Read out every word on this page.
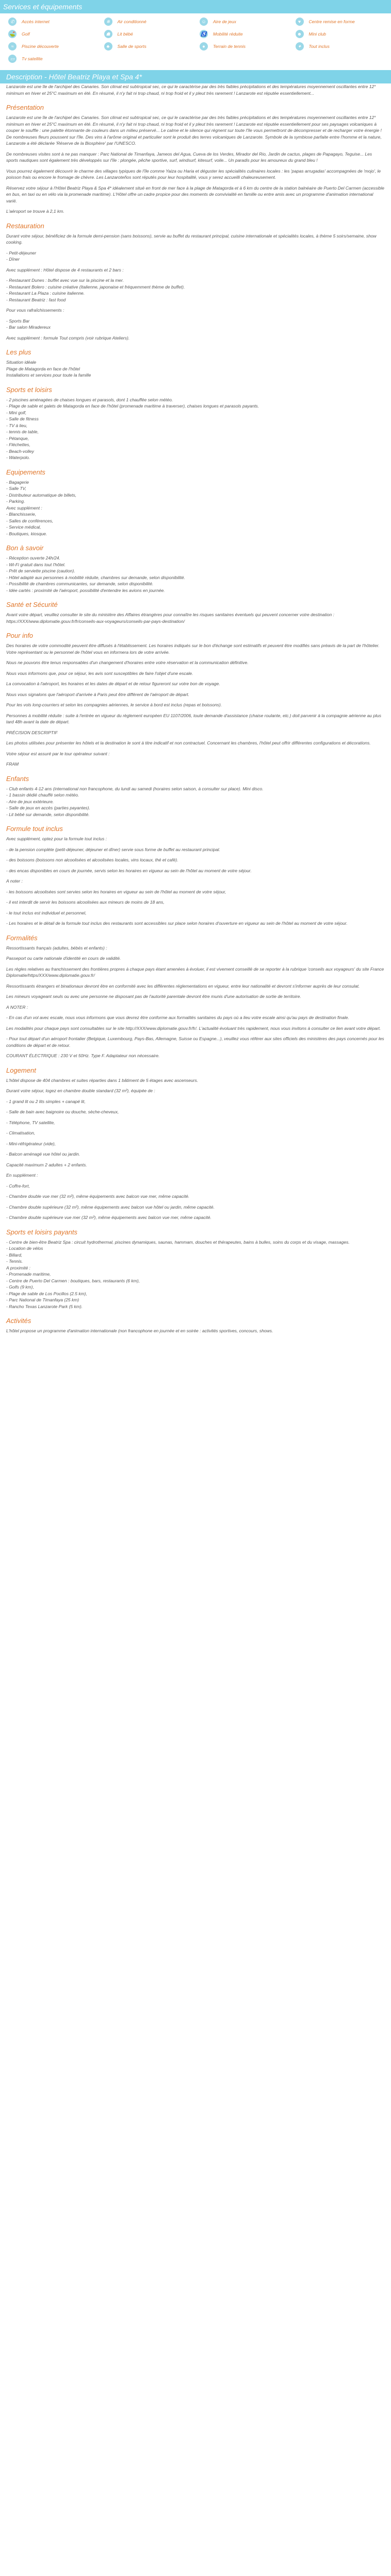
Services et équipements
✆	Accès internet	❄	Air conditionné	☺	Aire de jeux	♥	Centre remise en forme
⛳ Golf	☗	Lit bébé	♿ Mobilité réduite	☻	Mini club
≈	Piscine découverte	♣	Salle de sports	●	Terrain de tennis	✦	Tout inclus
▭	Tv satellite
Description - Hôtel Beatriz Playa et Spa 4*

Lanzarote est une île de l'archipel des Canaries. Son climat est subtropical sec, ce qui le caractérise par des très faibles précipitations et des températures moyennement oscillantes entre 12° minimum en hiver et 25°C maximum en été. En résumé, il n'y fait ni trop chaud, ni trop froid et il y pleut très rarement ! Lanzarote est réputée essentiellement...

Présentation

Lanzarote est une île de l'archipel des Canaries. Son climat est subtropical sec, ce qui le caractérise par des très faibles précipitations et des températures moyennement oscillantes entre 12° minimum en hiver et 25°C maximum en été. En résumé, il n'y fait ni trop chaud, ni trop froid et il y pleut très rarement ! Lanzarote est réputée essentiellement pour ses paysages volcaniques à couper le souffle : une palette étonnante de couleurs dans un milieu préservé... Le calme et le silence qui règnent sur toute l'île vous permettront de décompresser et de recharger votre énergie ! De nombreuses fleurs poussent sur l'île. Des vins à l'arôme original et particulier sont le produit des terres volcaniques de Lanzarote. Symbole de la symbiose parfaite entre l'homme et la nature, Lanzarote a été déclarée 'Réserve de la Biosphère' par l'UNESCO.

De nombreuses visites sont à ne pas manquer : Parc National de Timanfaya, Jameos del Agua, Cueva de los Verdes, Mirador del Rio, Jardin de cactus, plages de Papagayo, Teguise... Les sports nautiques sont également très développés sur l'île : plongée, pêche sportive, surf, windsurf, kitesurf, voile... Un paradis pour les amoureux du grand bleu !

Vous pourrez également découvrir le charme des villages typiques de l'île comme Yaiza ou Haria et déguster les spécialités culinaires locales : les 'papas arrugadas' accompagnées de 'mojo', le poisson frais ou encore le fromage de chèvre. Les Lanzaroteños sont réputés pour leur hospitalité, vous y serez accueilli chaleureusement.

Réservez votre séjour à l'Hôtel Beatriz Playa & Spa 4* idéalement situé en front de mer face à la plage de Matagorda et à 6 km du centre de la station balnéaire de Puerto Del Carmen (accessible en bus, en taxi ou en vélo via la promenade maritime). L'Hôtel offre un cadre propice pour des moments de convivialité en famille ou entre amis avec un programme d'animation international varié.

L'aéroport se trouve à 2,1 km.

Restauration

Durant votre séjour, bénéficiez de la formule demi-pension (sans boissons), servie au buffet du restaurant principal, cuisine internationale et spécialités locales, à thème 5 soirs/semaine, show cooking.

- Petit-déjeuner
- Dîner

Avec supplément : Hôtel dispose de 4 restaurants et 2 bars :

- Restaurant Dunes : buffet avec vue sur la piscine et la mer.
- Restaurant Bolero : cuisine créative (Italienne, japonaise et fréquemment thème de buffet).
- Restaurant La Plaza : cuisine italienne.
- Restaurant Beatriz : fast food

Pour vous rafraîchissements :

- Sports Bar
- Bar salon Miradereux

Avec supplément : formule Tout compris (voir rubrique Ateliers).

Les plus
Situation idéale
Plage de Matagorda en face de l'hôtel
Installations et services pour toute la famille
Sports et loisirs
- 2 piscines aménagées de chaises longues et parasols, dont 1 chauffée selon météo.
- Plage de sable et galets de Matagorda en face de l'hôtel (promenade maritime à traverser), chaises longues et parasols payants.
- Mini golf,
- Salle de fitness
- TV à lieu,
- tennis de table,
- Pétanque,
- Fléchettes,
- Beach-volley
- Waterpolo.
Equipements
- Bagagerie
- Salle TV,
- Distributeur automatique de billets,
- Parking.
Avec supplément :
- Blanchisserie,
- Salles de conférences,
- Service médical,
- Boutiques, kiosque.
Bon à savoir
- Réception ouverte 24h/24.
- Wi-Fi gratuit dans tout l'hôtel.
- Prêt de serviette piscine (caution).
- Hôtel adapté aux personnes à mobilité réduite, chambres sur demande, selon disponibilité.
- Possibilité de chambres communicantes, sur demande, selon disponibilité.
- Idée cartés : proximité de l'aéroport, possibilité d'entendre les avions en journée.
Santé et Sécurité

Avant votre départ, veuillez consulter le site du ministère des Affaires étrangères pour connaître les risques sanitaires éventuels qui peuvent concerner votre destination : https://XXX/www.diplomatie.gouv.fr/fr/conseils-aux-voyageurs/conseils-par-pays-destination/

Pour info

Des horaires de votre commodité peuvent être diffusés à l'établissement. Les horaires indiqués sur le bon d'échange sont estimatifs et peuvent être modifiés sans préavis de la part de l'hôtelier. Votre représentant ou le personnel de l'hôtel vous en informera lors de votre arrivée.

Nous ne pouvons être tenus responsables d'un changement d'horaires entre votre réservation et la communication définitive.

Nous vous informons que, pour ce séjour, les avis sont susceptibles de faire l'objet d'une escale.

La convocation à l'aéroport, les horaires et les dates de départ et de retour figureront sur votre bon de voyage.

Nous vous signalons que l'aéroport d'arrivée à Paris peut être différent de l'aéroport de départ.

Pour les vols long-courriers et selon les compagnies aériennes, le service à bord est inclus (repas et boissons).

Personnes à mobilité réduite : suite à l'entrée en vigueur du règlement européen EU 1107/2006, toute demande d'assistance (chaise roulante, etc.) doit parvenir à la compagnie aérienne au plus tard 48h avant la date de départ.

PRÉCISION DESCRIPTIF

Les photos utilisées pour présenter les hôtels et la destination le sont à titre indicatif et non contractuel. Concernant les chambres, l'hôtel peut offrir différentes configurations et décorations.

Votre séjour est assuré par le tour opérateur suivant :

FRAM

Enfants
- Club enfants 4-12 ans (international non francophone, du lundi au samedi (horaires selon saison, à consulter sur place). Mini disco.
- 1 bassin dédié chauffé selon météo.
- Aire de jeux extérieure.
- Salle de jeux en accès (parties payantes).
- Lit bébé sur demande, selon disponibilité.
Formule tout inclus

Avec supplément, optez pour la formule tout inclus :

- de la pension complète (petit-déjeuner, déjeuner et dîner) servie sous forme de buffet au restaurant principal.

- des boissons (boissons non alcoolisées et alcoolisées locales, vins locaux, thé et café).

- des encas disponibles en cours de journée, servis selon les horaires en vigueur au sein de l'hôtel au moment de votre séjour.

A noter :

- les boissons alcoolisées sont servies selon les horaires en vigueur au sein de l'hôtel au moment de votre séjour,

- il est interdit de servir les boissons alcoolisées aux mineurs de moins de 18 ans,

- le tout inclus est individuel et personnel,

- Les horaires et le détail de la formule tout inclus des restaurants sont accessibles sur place selon horaires d'ouverture en vigueur au sein de l'hôtel au moment de votre séjour.

Formalités

Ressortissants français (adultes, bébés et enfants) :

Passeport ou carte nationale d'identité en cours de validité.

Les règles relatives au franchissement des frontières propres à chaque pays étant amenées à évoluer, il est vivement conseillé de se reporter à la rubrique 'conseils aux voyageurs' du site France Diplomatie/https/XXX/www.diplomatie.gouv.fr/

Ressortissants étrangers et binationaux devront être en conformité avec les différentes réglementations en vigueur, entre leur nationalité et devront s'informer auprès de leur consulat.

Les mineurs voyageant seuls ou avec une personne ne disposant pas de l'autorité parentale devront être munis d'une autorisation de sortie de territoire.

A NOTER :

- En cas d'un vol avec escale, nous vous informons que vous devrez être conforme aux formalités sanitaires du pays où a lieu votre escale ainsi qu'au pays de destination finale.

Les modalités pour chaque pays sont consultables sur le site http://XXX/www.diplomatie.gouv.fr/fr/. L'actualité évoluant très rapidement, nous vous invitons à consulter ce lien avant votre départ.

- Pour tout départ d'un aéroport frontalier (Belgique, Luxembourg, Pays-Bas, Allemagne, Suisse ou Espagne...), veuillez vous référer aux sites officiels des ministères des pays concernés pour les conditions de départ et de retour.

COURANT ÉLECTRIQUE : 230 V et 50Hz. Type F. Adaptateur non nécessaire.

Logement

L'hôtel dispose de 404 chambres et suites réparties dans 1 bâtiment de 5 étages avec ascenseurs.

Durant votre séjour, logez en chambre double standard (32 m²), équipée de :

- 1 grand lit ou 2 lits simples + canapé lit,

- Salle de bain avec baignoire ou douche, sèche-cheveux,

- Téléphone, TV satellite,

- Climatisation,

- Mini-réfrigérateur (vide),

- Balcon aménagé vue hôtel ou jardin.

Capacité maximum 2 adultes + 2 enfants.

En supplément :

- Coffre-fort,

- Chambre double vue mer (32 m²), même équipements avec balcon vue mer, même capacité.

- Chambre double supérieure (32 m²), même équipements avec balcon vue hôtel ou jardin, même capacité.

- Chambre double supérieure vue mer (32 m²), même équipements avec balcon vue mer, même capacité.

Sports et loisirs payants
- Centre de bien-être Beatriz Spa : circuit hydrothermal, piscines dynamiques, saunas, hammam, douches et thérapeutes, bains à bulles, soins du corps et du visage, massages.
- Location de vélos
- Billard,
- Tennis.
A proximité :
- Promenade maritime,
- Centre de Puerto Del Carmen : boutiques, bars, restaurants (6 km),
- Golfs (9 km),
- Plage de sable de Los Pocillos (2.5 km),
- Parc National de Timanfaya (25 km)
- Rancho Texas Lanzarote Park (5 km).
Activités

L'hôtel propose un programme d'animation internationale (non francophone en journée et en soirée : activités sportives, concours, shows.
